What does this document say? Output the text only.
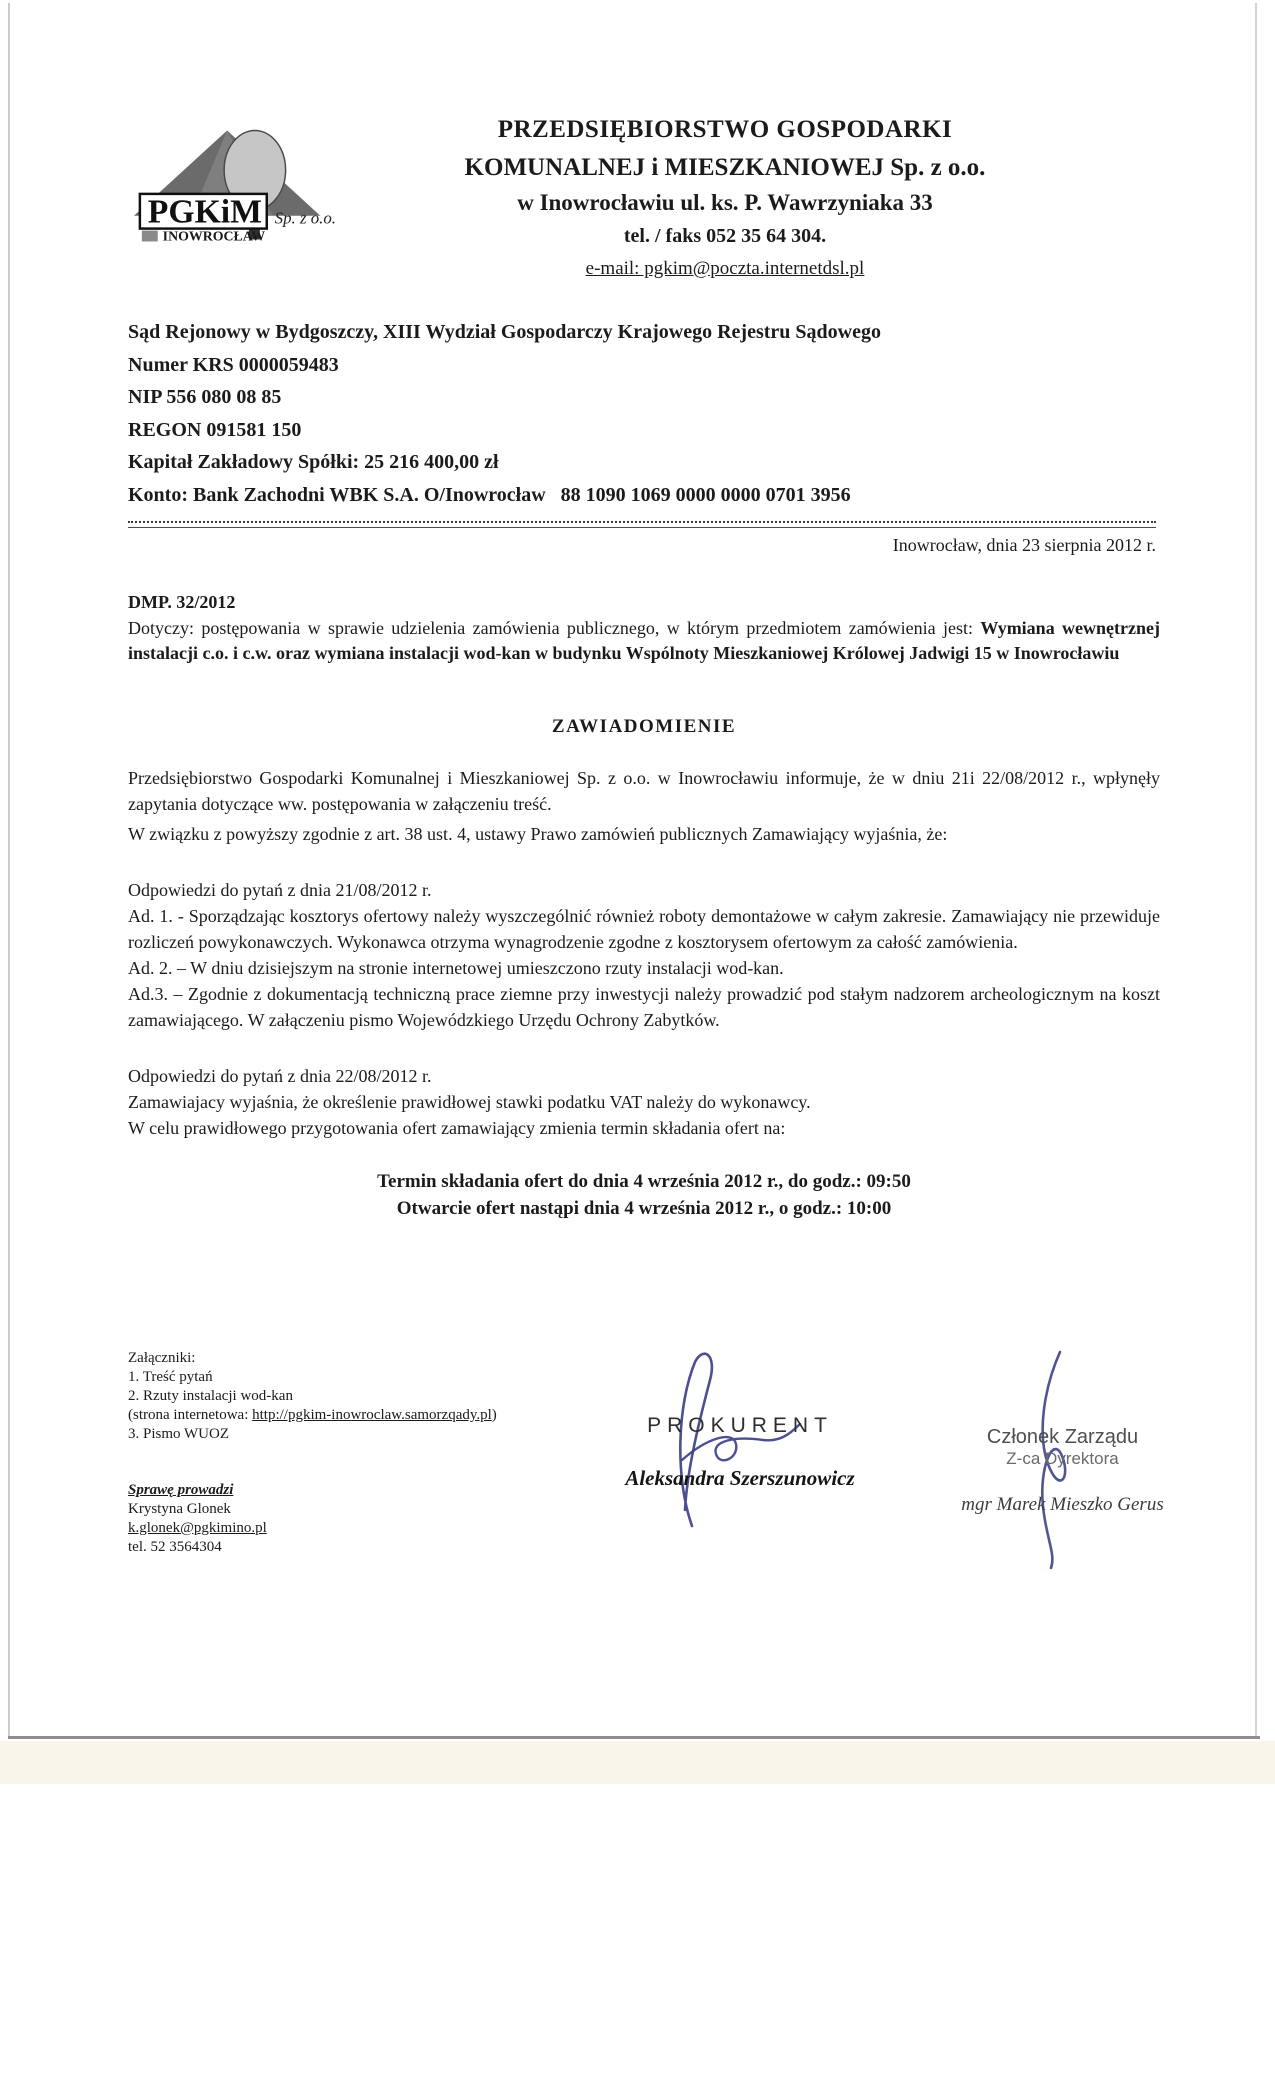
PGKiM Sp. z o.o.
INOWROCŁAW
PRZEDSIĘBIORSTWO GOSPODARKI
KOMUNALNEJ i MIESZKANIOWEJ Sp. z o.o.
w Inowrocławiu ul. ks. P. Wawrzyniaka 33
tel. / faks 052 35 64 304.
e-mail: pgkim@poczta.internetdsl.pl
Sąd Rejonowy w Bydgoszczy, XIII Wydział Gospodarczy Krajowego Rejestru Sądowego
Numer KRS 0000059483
NIP 556 080 08 85
REGON 091581 150
Kapitał Zakładowy Spółki: 25 216 400,00 zł
Konto: Bank Zachodni WBK S.A. O/Inowrocław   88 1090 1069 0000 0000 0701 3956
Inowrocław, dnia 23 sierpnia 2012 r.
DMP. 32/2012

Dotyczy: postępowania w sprawie udzielenia zamówienia publicznego, w którym przedmiotem zamówienia jest: Wymiana wewnętrznej instalacji c.o. i c.w. oraz wymiana instalacji wod-kan w budynku Wspólnoty Mieszkaniowej Królowej Jadwigi 15 w Inowrocławiu

ZAWIADOMIENIE

Przedsiębiorstwo Gospodarki Komunalnej i Mieszkaniowej Sp. z o.o. w Inowrocławiu informuje, że w dniu 21i 22/08/2012 r., wpłynęły zapytania dotyczące ww. postępowania w załączeniu treść.

W związku z powyższy zgodnie z art. 38 ust. 4, ustawy Prawo zamówień publicznych Zamawiający wyjaśnia, że:

Odpowiedzi do pytań z dnia 21/08/2012 r.

Ad. 1. - Sporządzając kosztorys ofertowy należy wyszczególnić również roboty demontażowe w całym zakresie. Zamawiający nie przewiduje rozliczeń powykonawczych. Wykonawca otrzyma wynagrodzenie zgodne z kosztorysem ofertowym za całość zamówienia.

Ad. 2. – W dniu dzisiejszym na stronie internetowej umieszczono rzuty instalacji wod-kan.

Ad.3. – Zgodnie z dokumentacją techniczną prace ziemne przy inwestycji należy prowadzić pod stałym nadzorem archeologicznym na koszt zamawiającego. W załączeniu pismo Wojewódzkiego Urzędu Ochrony Zabytków.

Odpowiedzi do pytań z dnia 22/08/2012 r.

Zamawiajacy wyjaśnia, że określenie prawidłowej stawki podatku VAT należy do wykonawcy.

W celu prawidłowego przygotowania ofert zamawiający zmienia termin składania ofert na:

Termin składania ofert do dnia 4 września 2012 r., do godz.: 09:50
Otwarcie ofert nastąpi dnia 4 września 2012 r., o godz.: 10:00
Załączniki:
1. Treść pytań
2. Rzuty instalacji wod-kan
(strona internetowa: http://pgkim-inowroclaw.samorzqady.pl)
3. Pismo WUOZ
Sprawę prowadzi
Krystyna Glonek
k.glonek@pgkimino.pl
tel. 52 3564304
PROKURENT
Aleksandra Szerszunowicz
Członek Zarządu
Z-ca Dyrektora
mgr Marek Mieszko Gerus
